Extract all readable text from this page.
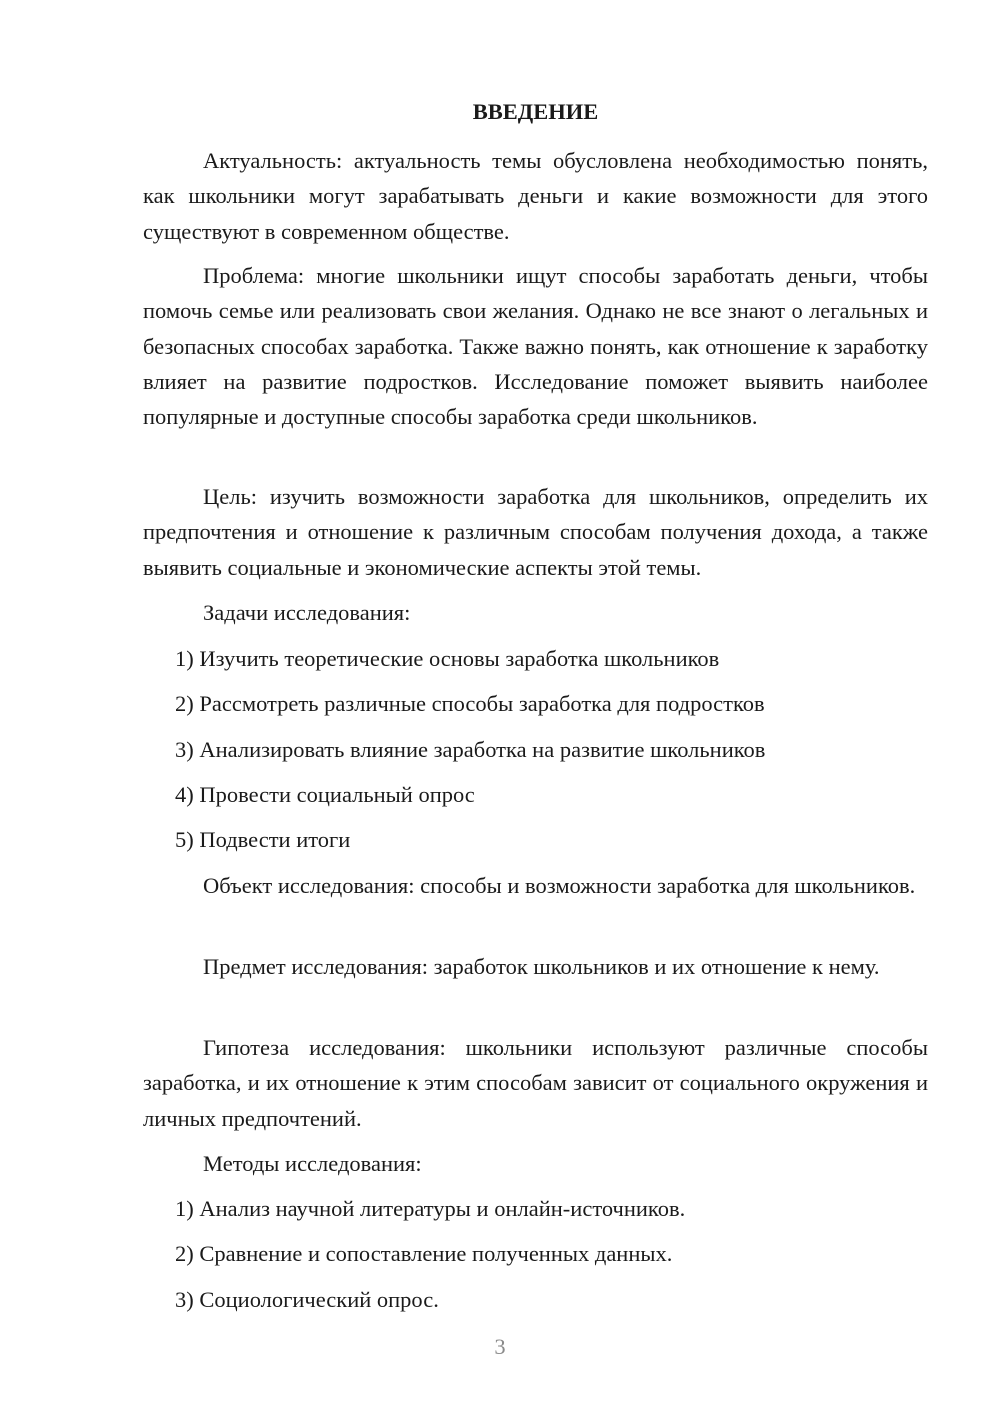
ВВЕДЕНИЕ

Актуальность: актуальность темы обусловлена необходимостью понять, как школьники могут зарабатывать деньги и какие возможности для этого существуют в современном обществе.

Проблема: многие школьники ищут способы заработать деньги, чтобы помочь семье или реализовать свои желания. Однако не все знают о легальных и безопасных способах заработка. Также важно понять, как отношение к заработку влияет на развитие подростков. Исследование поможет выявить наиболее популярные и доступные способы заработка среди школьников.

Цель: изучить возможности заработка для школьников, определить их предпочтения и отношение к различным способам получения дохода, а также выявить социальные и экономические аспекты этой темы.

Задачи исследования:

1) Изучить теоретические основы заработка школьников

2) Рассмотреть различные способы заработка для подростков

3) Анализировать влияние заработка на развитие школьников

4) Провести социальный опрос

5) Подвести итоги

Объект исследования: способы и возможности заработка для школьников.

Предмет исследования: заработок школьников и их отношение к нему.

Гипотеза исследования: школьники используют различные способы заработка, и их отношение к этим способам зависит от социального окружения и личных предпочтений.

Методы исследования:

1) Анализ научной литературы и онлайн-источников.

2) Сравнение и сопоставление полученных данных.

3) Социологический опрос.

3
